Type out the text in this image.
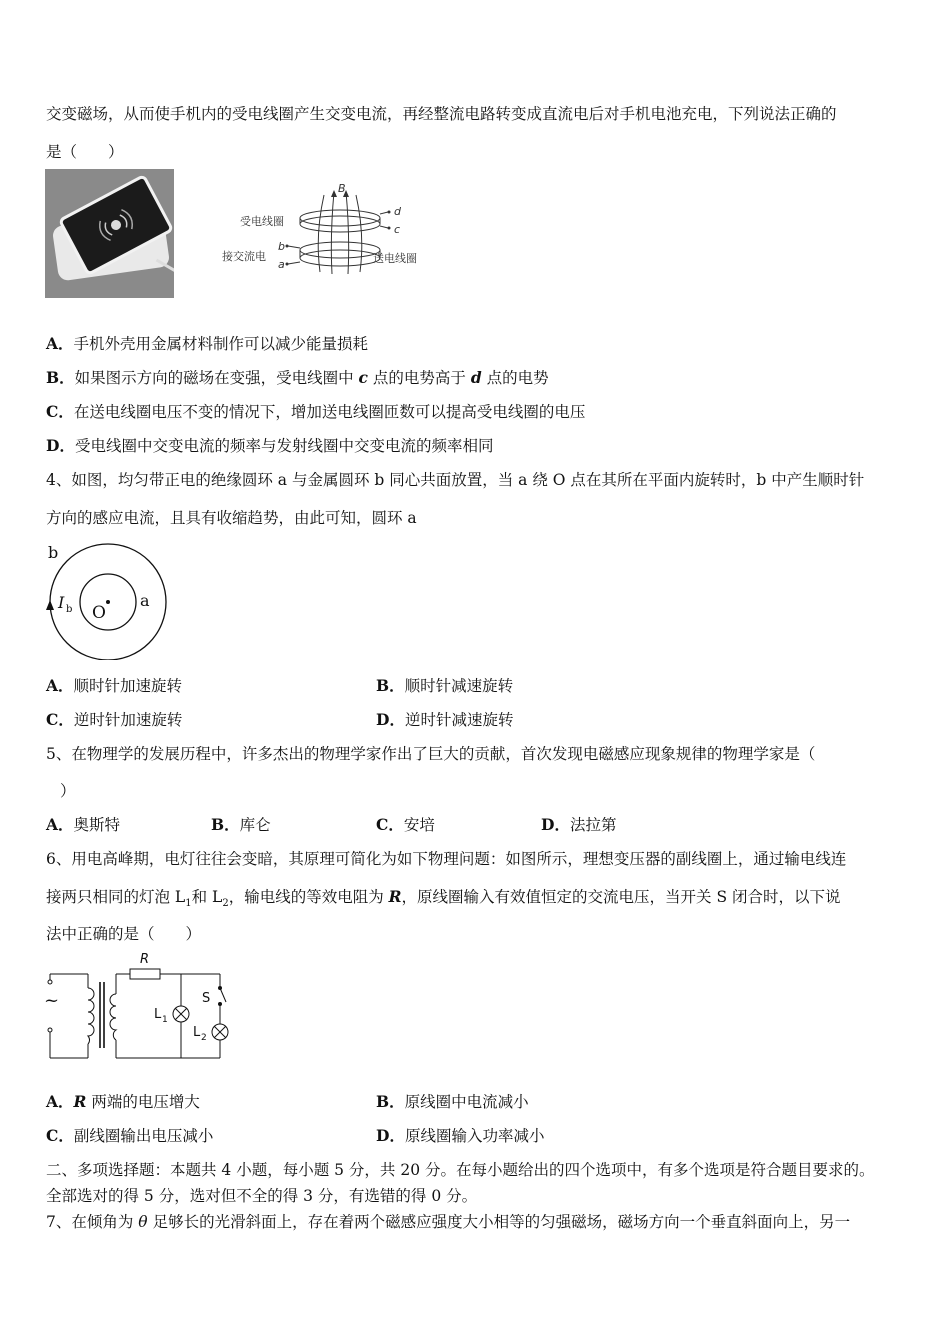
交变磁场，从而使手机内的受电线圈产生交变电流，再经整流电路转变成直流电后对手机电池充电，下列说法正确的
是（　　）
B
受电线圈
接交流电	送电线圈
d
c
b
a
A．手机外壳用金属材料制作可以减少能量损耗
B．如果图示方向的磁场在变强，受电线圈中 c 点的电势高于 d 点的电势
C．在送电线圈电压不变的情况下，增加送电线圈匝数可以提高受电线圈的电压
D．受电线圈中交变电流的频率与发射线圈中交变电流的频率相同
4、如图，均匀带正电的绝缘圆环 a 与金属圆环 b 同心共面放置，当 a 绕 O 点在其所在平面内旋转时，b 中产生顺时针
方向的感应电流，且具有收缩趋势，由此可知，圆环 a
b
I b O
a
A．顺时针加速旋转	B．顺时针减速旋转
C．逆时针加速旋转	D．逆时针减速旋转
5、在物理学的发展历程中，许多杰出的物理学家作出了巨大的贡献，首次发现电磁感应现象规律的物理学家是（
）
A．奥斯特	B．库仑	C．安培	D．法拉第
6、用电高峰期，电灯往往会变暗，其原理可简化为如下物理问题：如图所示，理想变压器的副线圈上，通过输电线连
接两只相同的灯泡 $L_1$和 $L_2$，输电线的等效电阻为 R，原线圈输入有效值恒定的交流电压，当开关 S 闭合时，以下说
法中正确的是（　　）
~
R
S
L 1
L 2
A．R 两端的电压增大	B．原线圈中电流减小
C．副线圈输出电压减小	D．原线圈输入功率减小
二、多项选择题：本题共 4 小题，每小题 5 分，共 20 分。在每小题给出的四个选项中，有多个选项是符合题目要求的。
全部选对的得 5 分，选对但不全的得 3 分，有选错的得 0 分。
7、在倾角为 θ 足够长的光滑斜面上，存在着两个磁感应强度大小相等的匀强磁场，磁场方向一个垂直斜面向上，另一
